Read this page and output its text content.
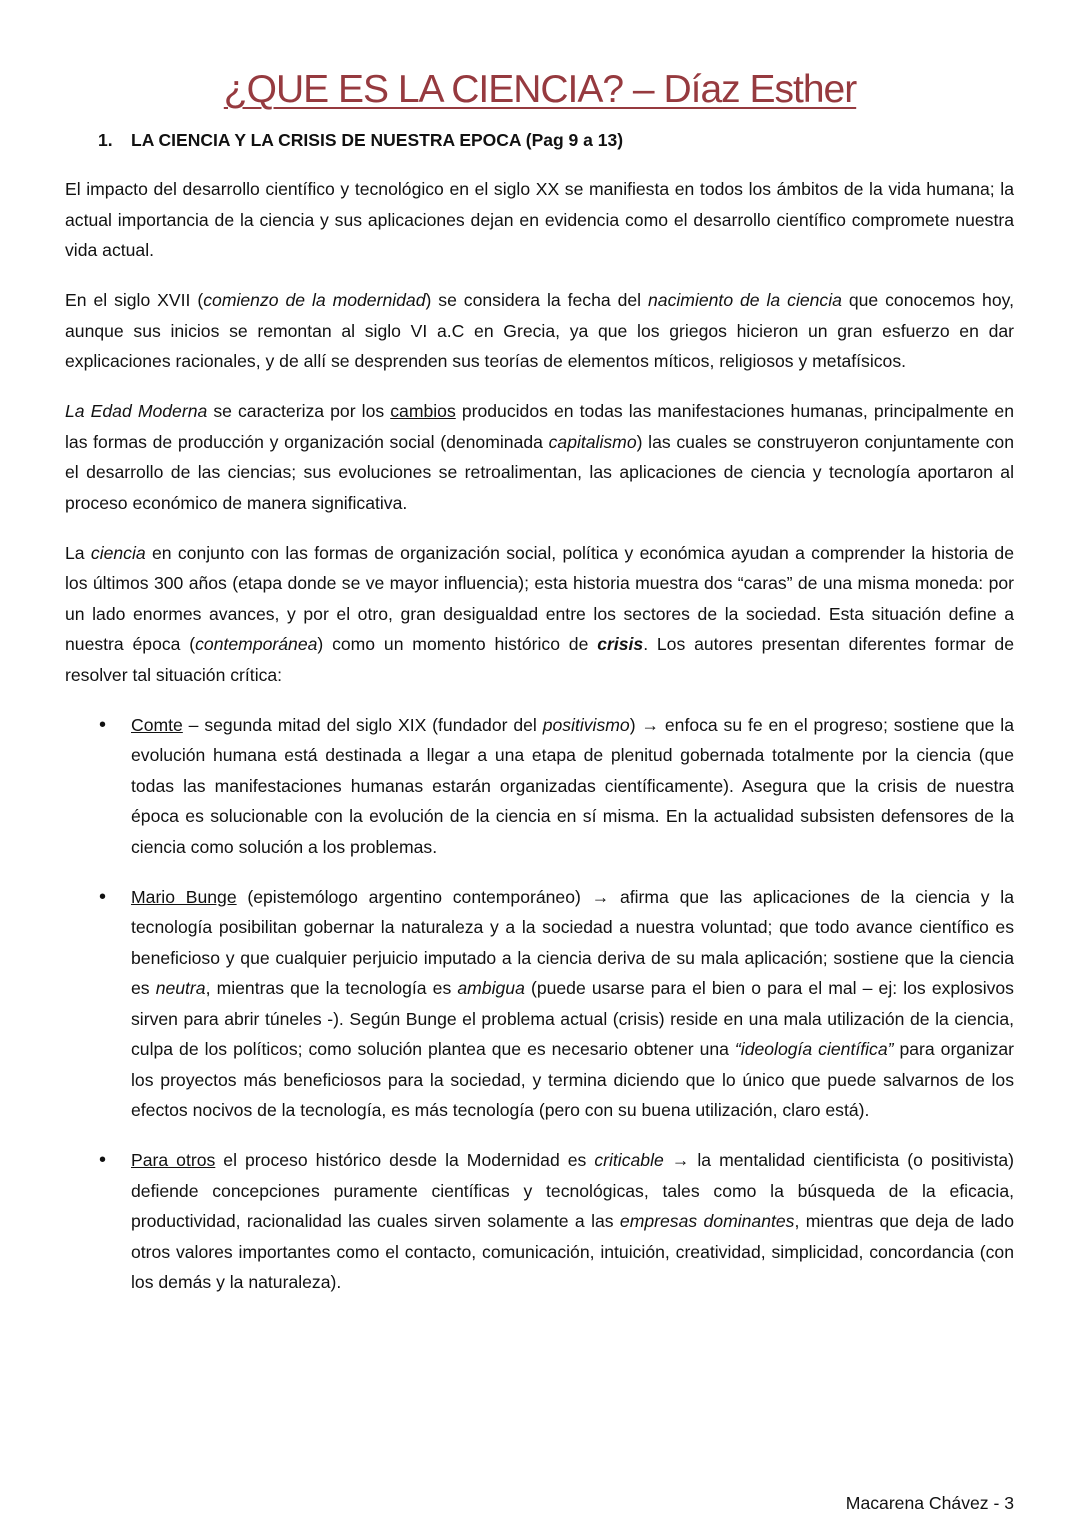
¿QUE ES LA CIENCIA? – Díaz Esther
1. LA CIENCIA Y LA CRISIS DE NUESTRA EPOCA (Pag 9 a 13)

El impacto del desarrollo científico y tecnológico en el siglo XX se manifiesta en todos los ámbitos de la vida humana; la actual importancia de la ciencia y sus aplicaciones dejan en evidencia como el desarrollo científico compromete nuestra vida actual.

En el siglo XVII (comienzo de la modernidad) se considera la fecha del nacimiento de la ciencia que conocemos hoy, aunque sus inicios se remontan al siglo VI a.C en Grecia, ya que los griegos hicieron un gran esfuerzo en dar explicaciones racionales, y de allí se desprenden sus teorías de elementos míticos, religiosos y metafísicos.

La Edad Moderna se caracteriza por los cambios producidos en todas las manifestaciones humanas, principalmente en las formas de producción y organización social (denominada capitalismo) las cuales se construyeron conjuntamente con el desarrollo de las ciencias; sus evoluciones se retroalimentan, las aplicaciones de ciencia y tecnología aportaron al proceso económico de manera significativa.

La ciencia en conjunto con las formas de organización social, política y económica ayudan a comprender la historia de los últimos 300 años (etapa donde se ve mayor influencia); esta historia muestra dos “caras” de una misma moneda: por un lado enormes avances, y por el otro, gran desigualdad entre los sectores de la sociedad. Esta situación define a nuestra época (contemporánea) como un momento histórico de crisis. Los autores presentan diferentes formar de resolver tal situación crítica:

• Comte – segunda mitad del siglo XIX (fundador del positivismo) → enfoca su fe en el progreso; sostiene que la evolución humana está destinada a llegar a una etapa de plenitud gobernada totalmente por la ciencia (que todas las manifestaciones humanas estarán organizadas científicamente). Asegura que la crisis de nuestra época es solucionable con la evolución de la ciencia en sí misma. En la actualidad subsisten defensores de la ciencia como solución a los problemas.
• Mario Bunge (epistemólogo argentino contemporáneo) → afirma que las aplicaciones de la ciencia y la tecnología posibilitan gobernar la naturaleza y a la sociedad a nuestra voluntad; que todo avance científico es beneficioso y que cualquier perjuicio imputado a la ciencia deriva de su mala aplicación; sostiene que la ciencia es neutra, mientras que la tecnología es ambigua (puede usarse para el bien o para el mal – ej: los explosivos sirven para abrir túneles -). Según Bunge el problema actual (crisis) reside en una mala utilización de la ciencia, culpa de los políticos; como solución plantea que es necesario obtener una “ideología científica” para organizar los proyectos más beneficiosos para la sociedad, y termina diciendo que lo único que puede salvarnos de los efectos nocivos de la tecnología, es más tecnología (pero con su buena utilización, claro está).
• Para otros el proceso histórico desde la Modernidad es criticable → la mentalidad cientificista (o positivista) defiende concepciones puramente científicas y tecnológicas, tales como la búsqueda de la eficacia, productividad, racionalidad las cuales sirven solamente a las empresas dominantes, mientras que deja de lado otros valores importantes como el contacto, comunicación, intuición, creatividad, simplicidad, concordancia (con los demás y la naturaleza).
Macarena Chávez - 3
